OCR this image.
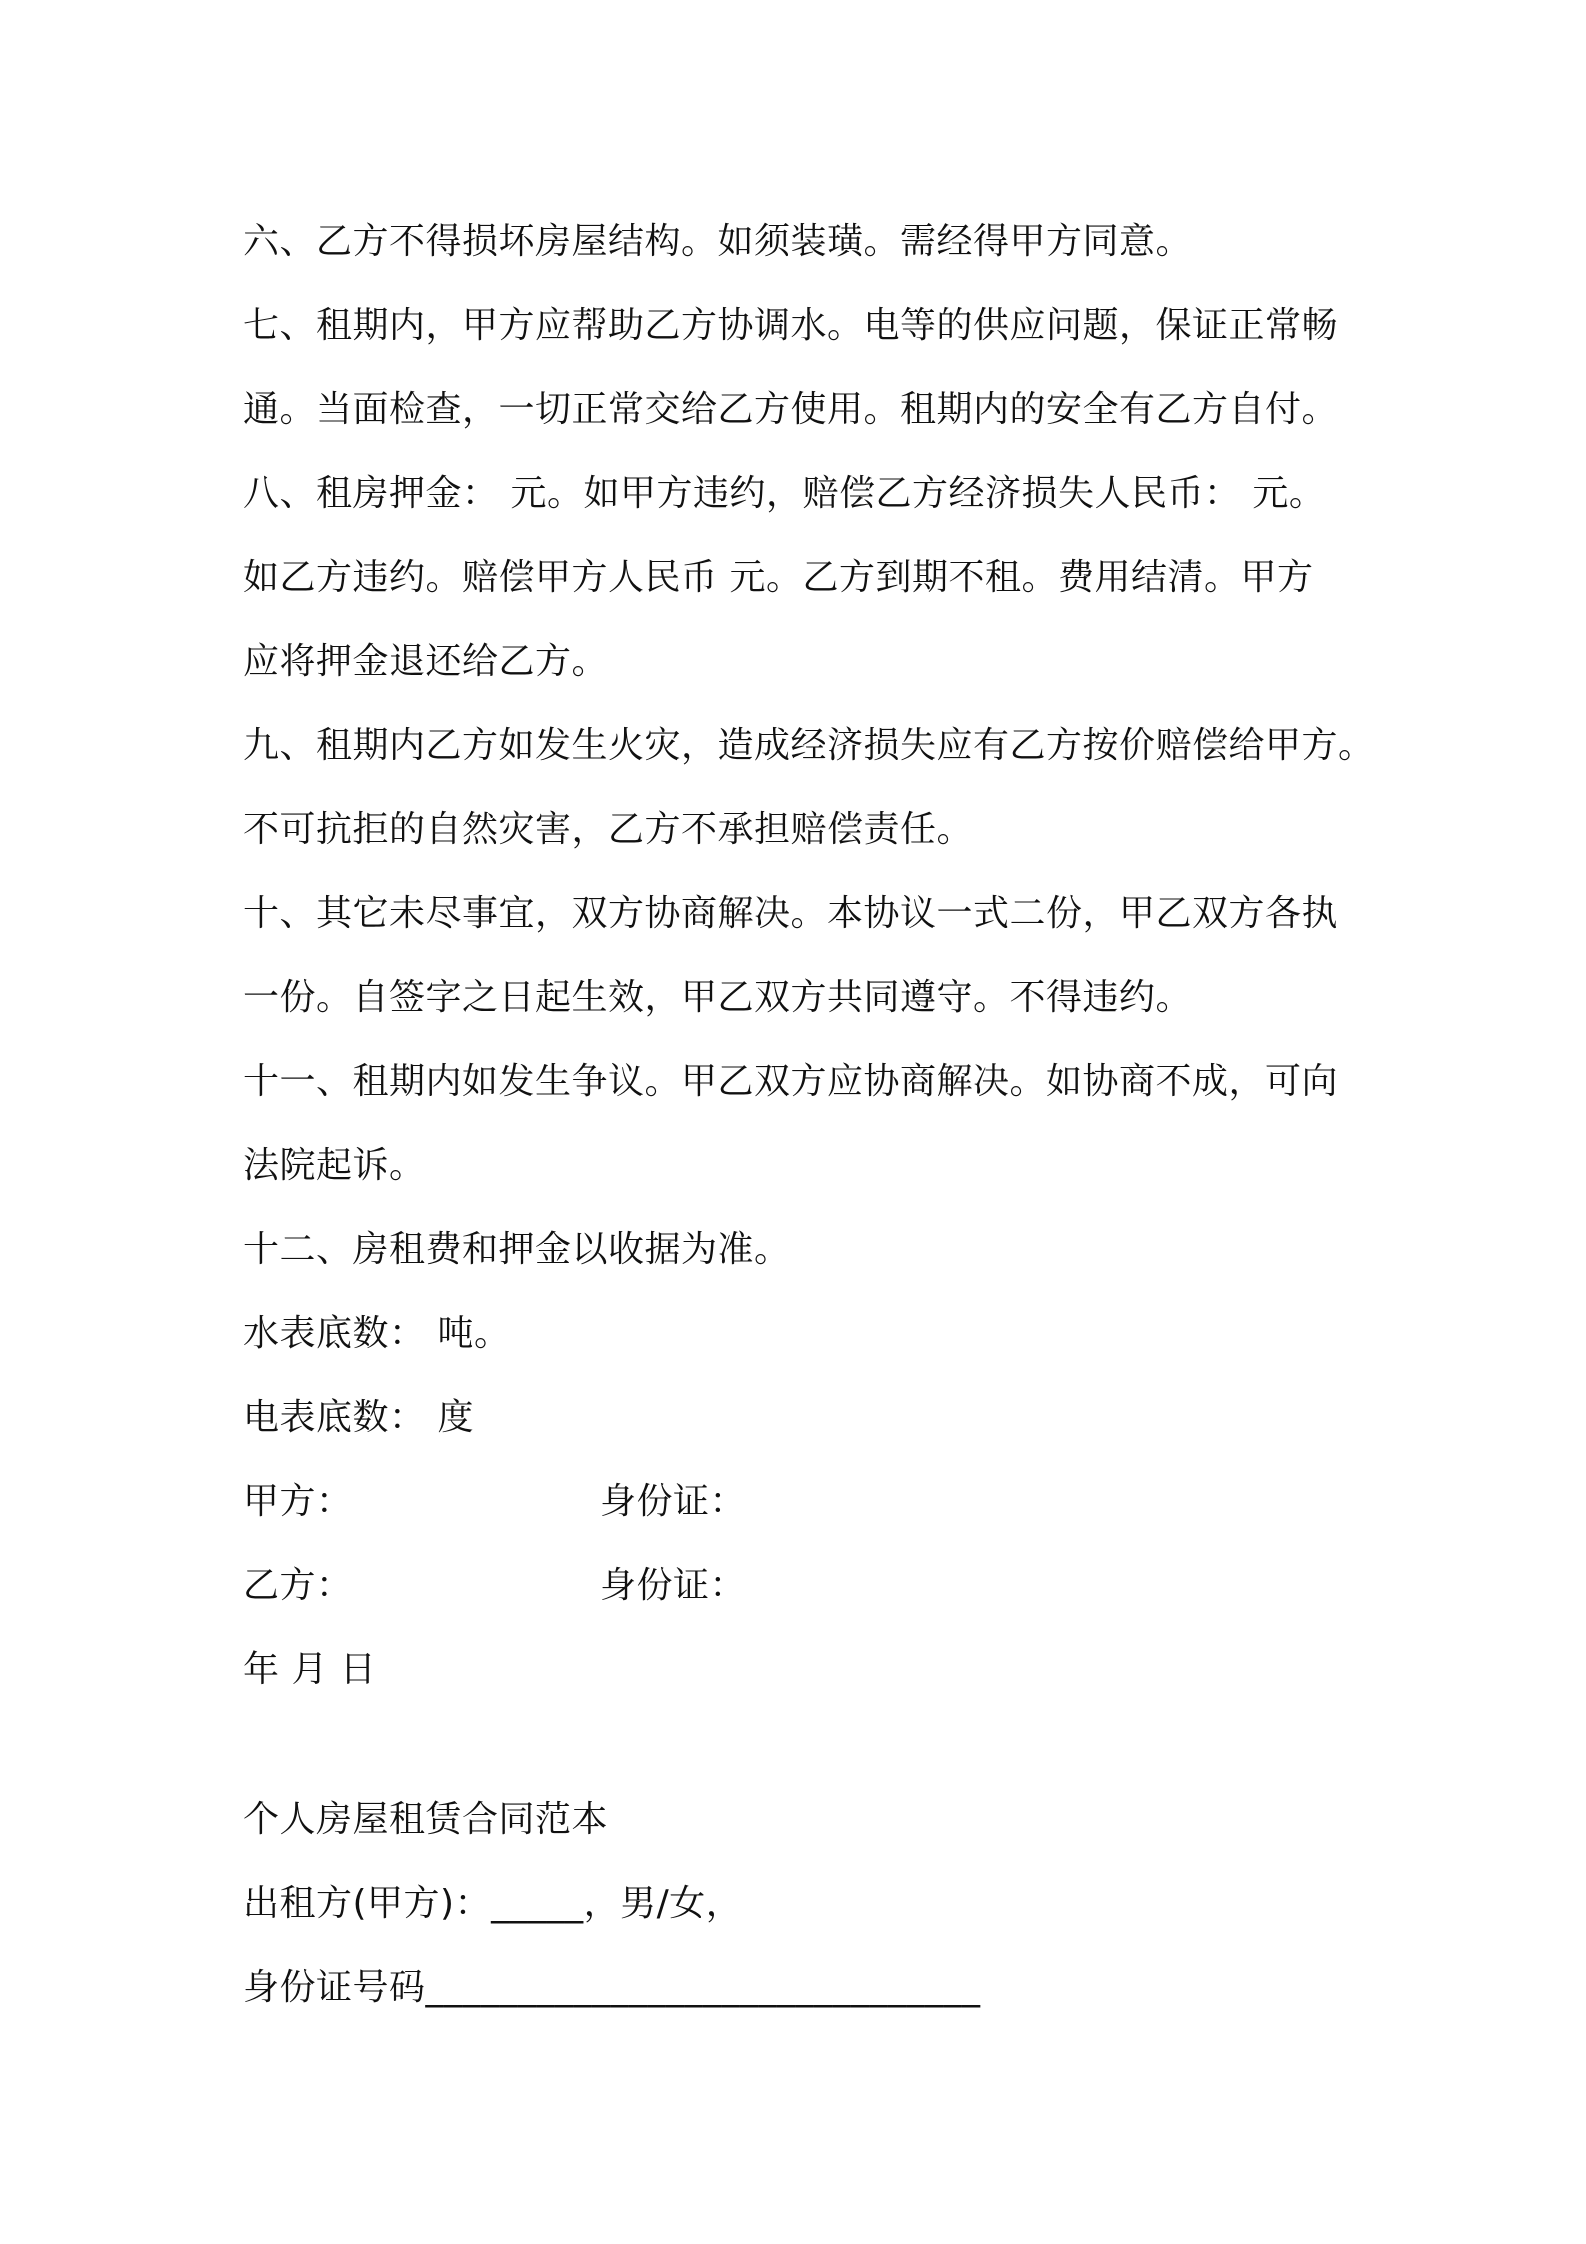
六、乙方不得损坏房屋结构。如须装璜。需经得甲方同意。
七、租期内，甲方应帮助乙方协调水。电等的供应问题，保证正常畅
通。当面检查，一切正常交给乙方使用。租期内的安全有乙方自付。
八、租房押金： 元。如甲方违约，赔偿乙方经济损失人民币： 元。
如乙方违约。赔偿甲方人民币 元。乙方到期不租。费用结清。甲方
应将押金退还给乙方。
九、租期内乙方如发生火灾，造成经济损失应有乙方按价赔偿给甲方。
不可抗拒的自然灾害，乙方不承担赔偿责任。
十、其它未尽事宜，双方协商解决。本协议一式二份，甲乙双方各执
一份。自签字之日起生效，甲乙双方共同遵守。不得违约。
十一、租期内如发生争议。甲乙双方应协商解决。如协商不成，可向
法院起诉。
十二、房租费和押金以收据为准。
水表底数： 吨。
电表底数： 度
甲方：	身份证：
乙方：	身份证：
年 月 日
个人房屋租赁合同范本
出租方(甲方)：_____，男/女，
身份证号码______________________________
